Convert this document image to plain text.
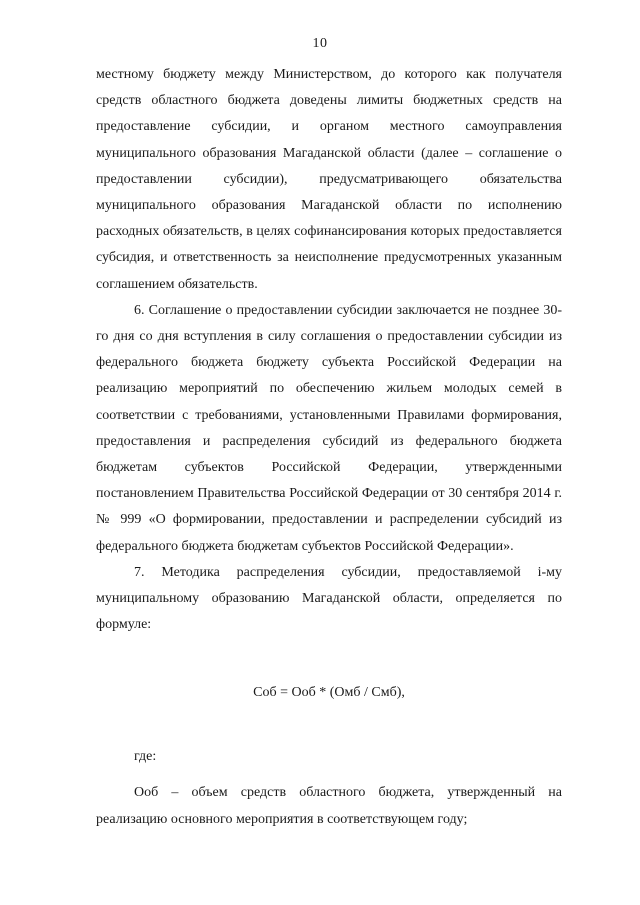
10

местному бюджету между Министерством, до которого как получателя средств областного бюджета доведены лимиты бюджетных средств на предоставление субсидии, и органом местного самоуправления муниципального образования Магаданской области (далее – соглашение о предоставлении субсидии), предусматривающего обязательства муниципального образования Магаданской области по исполнению расходных обязательств, в целях софинансирования которых предоставляется субсидия, и ответственность за неисполнение предусмотренных указанным соглашением обязательств.

6. Соглашение о предоставлении субсидии заключается не позднее 30-го дня со дня вступления в силу соглашения о предоставлении субсидии из федерального бюджета бюджету субъекта Российской Федерации на реализацию мероприятий по обеспечению жильем молодых семей в соответствии с требованиями, установленными Правилами формирования, предоставления и распределения субсидий из федерального бюджета бюджетам субъектов Российской Федерации, утвержденными постановлением Правительства Российской Федерации от 30 сентября 2014 г. № 999 «О формировании, предоставлении и распределении субсидий из федерального бюджета бюджетам субъектов Российской Федерации».

7. Методика распределения субсидии, предоставляемой i-му муниципальному образованию Магаданской области, определяется по формуле:

Cоб = Оoб * (Омб / Смб),

где:

Ооб – объем средств областного бюджета, утвержденный на реализацию основного мероприятия в соответствующем году;
